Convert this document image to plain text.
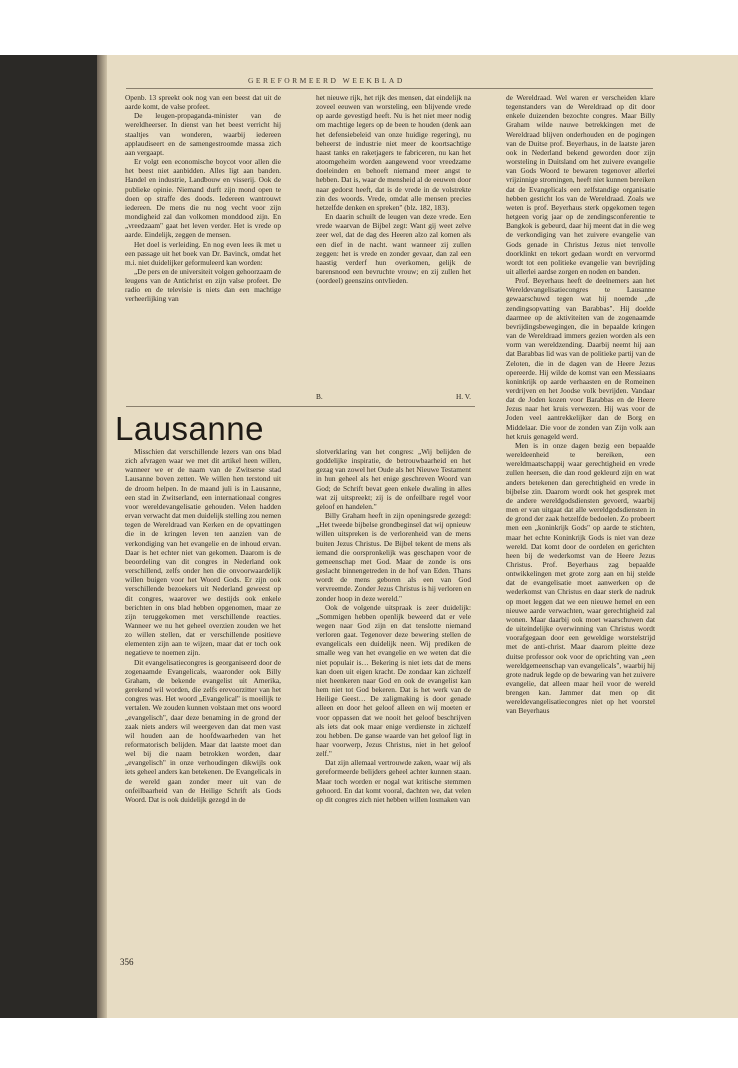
GEREFORMEERD WEEKBLAD

Openb. 13 spreekt ook nog van een beest dat uit de aarde komt, de valse profeet.

De leugen-propaganda-minister van de wereldheerser. In dienst van het beest verricht hij staaltjes van wonderen, waarbij iedereen applaudiseert en de samengestroomde massa zich aan vergaapt.

Er volgt een economische boycot voor allen die het beest niet aanbidden. Alles ligt aan banden. Handel en industrie, Landbouw en visserij. Ook de publieke opinie. Niemand durft zijn mond open te doen op straffe des doods. Iedereen wantrouwt iedereen. De mens die nu nog vecht voor zijn mondigheid zal dan volkomen monddood zijn. En „vreedzaam" gaat het leven verder. Het is vrede op aarde. Eindelijk, zeggen de mensen.

Het doel is verleiding. En nog even lees ik met u een passage uit het boek van Dr. Bavinck, omdat het m.i. niet duidelijker geformuleerd kan worden:

„De pers en de universiteit volgen gehoorzaam de leugens van de Antichrist en zijn valse profeet. De radio en de televisie is niets dan een machtige verheerlijking van

het nieuwe rijk, het rijk des mensen, dat eindelijk na zoveel eeuwen van worsteling, een blijvende vrede op aarde gevestigd heeft. Nu is het niet meer nodig om machtige legers op de been te houden (denk aan het defensiebeleid van onze huidige regering), nu beheerst de industrie niet meer de koortsachtige haast tanks en raketjagers te fabriceren, nu kan het atoomgeheim worden aangewend voor vreedzame doeleinden en behoeft niemand meer angst te hebben. Dat is, waar de mensheid al de eeuwen door naar gedorst heeft, dat is de vrede in de volstrekte zin des woords. Vrede, omdat alle mensen precies hetzelfde denken en spreken" (blz. 182, 183).

En daarin schuilt de leugen van deze vrede. Een vrede waarvan de Bijbel zegt: Want gij weet zelve zeer wel, dat de dag des Heeren alzo zal komen als een dief in de nacht. want wanneer zij zullen zeggen: het is vrede en zonder gevaar, dan zal een haastig verderf hun overkomen, gelijk de barensnood een bevruchte vrouw; en zij zullen het (oordeel) geenszins ontvlieden.

B.	H. V.

de Wereldraad. Wel waren er verscheiden klare tegenstanders van de Wereldraad op dit door enkele duizenden bezochte congres. Maar Billy Graham wilde nauwe betrekkingen met de Wereldraad blijven onderhouden en de pogingen van de Duitse prof. Beyerhaus, in de laatste jaren ook in Nederland bekend geworden door zijn worsteling in Duitsland om het zuivere evangelie van Gods Woord te bewaren tegenover allerlei vrijzinnige stromingen, heeft niet kunnen bereiken dat de Evangelicals een zelfstandige organisatie hebben gesticht los van de Wereldraad. Zoals we weten is prof. Beyerhaus sterk opgekomen tegen hetgeen vorig jaar op de zendingsconferentie te Bangkok is gebeurd, daar hij meent dat in die weg de verkondiging van het zuivere evangelie van Gods genade in Christus Jezus niet tenvolle doorklinkt en tekort gedaan wordt en vervormd wordt tot een politieke evangelie van bevrijding uit allerlei aardse zorgen en noden en banden.

Prof. Beyerhaus heeft de deelnemers aan het Wereldevangelisatiecongres te Lausanne gewaarschuwd tegen wat hij noemde „de zendingsopvatting van Barabbas". Hij doelde daarmee op de aktiviteiten van de zogenaamde bevrijdingsbewegingen, die in bepaalde kringen van de Wereldraad immers gezien worden als een vorm van wereldzending. Daarbij neemt hij aan dat Barabbas lid was van de politieke partij van de Zeloten, die in de dagen van de Heere Jezus opereerde. Hij wilde de komst van een Messiaans koninkrijk op aarde verhaasten en de Romeinen verdrijven en het Joodse volk bevrijden. Vandaar dat de Joden kozen voor Barabbas en de Heere Jezus naar het kruis verwezen. Hij was voor de Joden veel aantrekkelijker dan de Borg en Middelaar. Die voor de zonden van Zijn volk aan het kruis genageld werd.

Men is in onze dagen bezig een bepaalde wereldeenheid te bereiken, een wereldmaatschappij waar gerechtigheid en vrede zullen heersen, die dan rood gekleurd zijn en wat anders betekenen dan gerechtigheid en vrede in bijbelse zin. Daarom wordt ook het gesprek met de andere wereldgodsdiensten gevoerd, waarbij men er van uitgaat dat alle wereldgodsdiensten in de grond der zaak hetzelfde bedoelen. Zo probeert men een „koninkrijk Gods" op aarde te stichten, maar het echte Koninkrijk Gods is niet van deze wereld. Dat komt door de oordelen en gerichten heen bij de wederkomst van de Heere Jezus Christus. Prof. Beyerhaus zag bepaalde ontwikkelingen met grote zorg aan en hij stelde dat de evangelisatie moet aanwerken op de wederkomst van Christus en daar sterk de nadruk op moet leggen dat we een nieuwe hemel en een nieuwe aarde verwachten, waar gerechtigheid zal wonen. Maar daarbij ook moet waarschuwen dat de uiteindelijke overwinning van Christus wordt voorafgegaan door een geweldige worstelstrijd met de anti-christ. Maar daarom pleitte deze duitse professor ook voor de oprichting van „een wereldgemeenschap van evangelicals", waarbij hij grote nadruk legde op de bewaring van het zuivere evangelie, dat alleen maar heil voor de wereld brengen kan. Jammer dat men op dit wereldevangelisatiecongres niet op het voorstel van Beyerhaus

Lausanne

Misschien dat verschillende lezers van ons blad zich afvragen waar we met dit artikel heen willen, wanneer we er de naam van de Zwitserse stad Lausanne boven zetten. We willen hen terstond uit de droom helpen. In de maand juli is in Lausanne, een stad in Zwitserland, een internationaal congres voor wereldevangelisatie gehouden. Velen hadden ervan verwacht dat men duidelijk stelling zou nemen tegen de Wereldraad van Kerken en de opvattingen die in de kringen leven ten aanzien van de verkondiging van het evangelie en de inhoud ervan. Daar is het echter niet van gekomen. Daarom is de beoordeling van dit congres in Nederland ook verschillend, zelfs onder hen die onvoorwaardelijk willen buigen voor het Woord Gods. Er zijn ook verschillende bezoekers uit Nederland geweest op dit congres, waarover we destijds ook enkele berichten in ons blad hebben opgenomen, maar ze zijn teruggekomen met verschillende reacties. Wanneer we nu het geheel overzien zouden we het zo willen stellen, dat er verschillende positieve elementen zijn aan te wijzen, maar dat er toch ook negatieve te noemen zijn.

Dit evangelisatiecongres is georganiseerd door de zogenaamde Evangelicals, waaronder ook Billy Graham, de bekende evangelist uit Amerika, gerekend wil worden, die zelfs erevoorzitter van het congres was. Het woord „Evangelical" is moeilijk te vertalen. We zouden kunnen volstaan met ons woord „evangelisch", daar deze benaming in de grond der zaak niets anders wil weergeven dan dat men vast wil houden aan de hoofdwaarheden van het reformatorisch belijden. Maar dat laatste moet dan wel bij die naam betrokken worden, daar „evangelisch" in onze verhoudingen dikwijls ook iets geheel anders kan betekenen. De Evangelicals in de wereld gaan zonder meer uit van de onfeilbaarheid van de Heilige Schrift als Gods Woord. Dat is ook duidelijk gezegd in de

slotverklaring van het congres: „Wij belijden de goddelijke inspiratie, de betrouwbaarheid en het gezag van zowel het Oude als het Nieuwe Testament in hun geheel als het enige geschreven Woord van God; de Schrift bevat geen enkele dwaling in alles wat zij uitspreekt; zij is de onfeilbare regel voor geloof en handelen."

Billy Graham heeft in zijn openingsrede gezegd: „Het tweede bijbelse grondbeginsel dat wij opnieuw willen uitspreken is de verlorenheid van de mens buiten Jezus Christus. De Bijbel tekent de mens als iemand die oorspronkelijk was geschapen voor de gemeenschap met God. Maar de zonde is ons geslacht binnengetreden in de hof van Eden. Thans wordt de mens geboren als een van God vervreemde. Zonder Jezus Christus is hij verloren en zonder hoop in deze wereld."

Ook de volgende uitspraak is zeer duidelijk: „Sommigen hebben openlijk beweerd dat er vele wegen naar God zijn en dat tenslotte niemand verloren gaat. Tegenover deze bewering stellen de evangelicals een duidelijk neen. Wij prediken de smalle weg van het evangelie en we weten dat die niet populair is… Bekering is niet iets dat de mens kan doen uit eigen kracht. De zondaar kan zichzelf niet heenkeren naar God en ook de evangelist kan hem niet tot God bekeren. Dat is het werk van de Heilige Geest… De zaligmaking is door genade alleen en door het geloof alleen en wij moeten er voor oppassen dat we nooit het geloof beschrijven als iets dat ook maar enige verdienste in zichzelf zou hebben. De ganse waarde van het geloof ligt in haar voorwerp, Jezus Christus, niet in het geloof zelf."

Dat zijn allemaal vertrouwde zaken, waar wij als gereformeerde belijders geheel achter kunnen staan. Maar toch worden er nogal wat kritische stemmen gehoord. En dat komt vooral, dachten we, dat velen op dit congres zich niet hebben willen losmaken van

356
